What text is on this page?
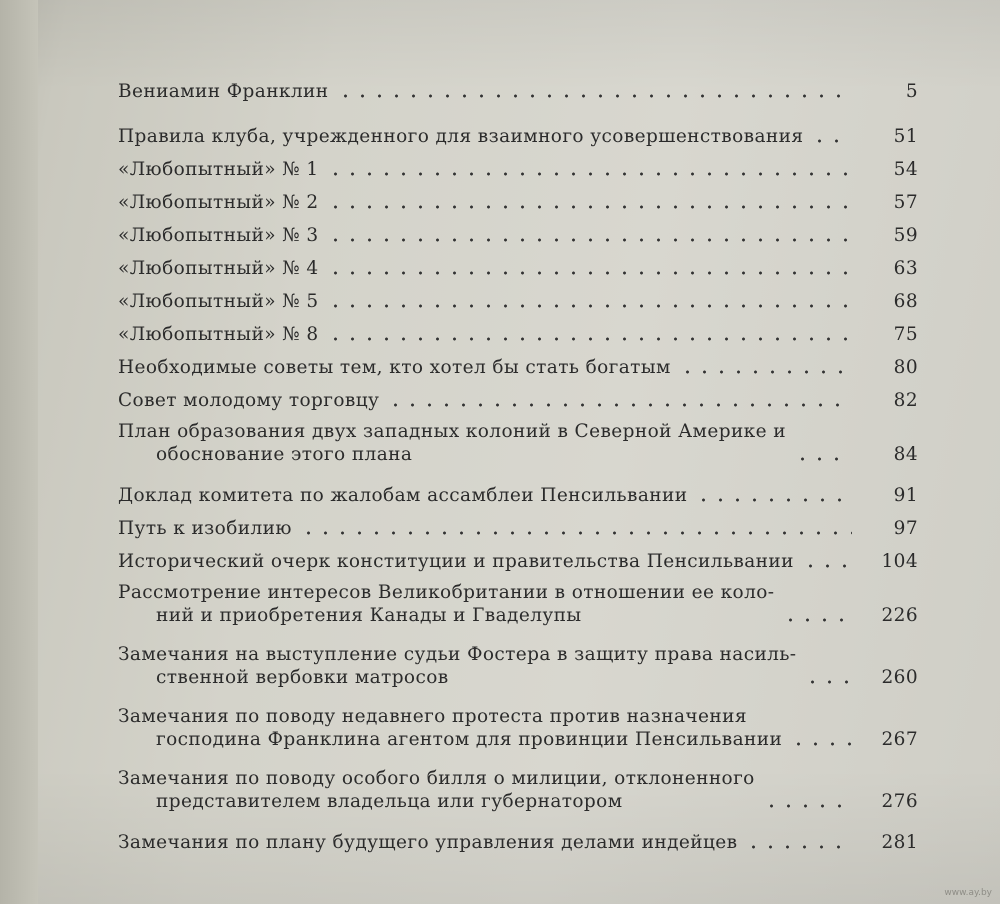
Вениамин Франклин	5
Правила клуба, учрежденного для взаимного усовершенствования	51
«Любопытный» № 1	54
«Любопытный» № 2	57
«Любопытный» № 3	59
«Любопытный» № 4	63
«Любопытный» № 5	68
«Любопытный» № 8	75
Необходимые советы тем, кто хотел бы стать богатым	80
Совет молодому торговцу	82
План образования двух западных колоний в Северной Америке и
обоснование этого плана	84
Доклад комитета по жалобам ассамблеи Пенсильвании	91
Путь к изобилию	97
Исторический очерк конституции и правительства Пенсильвании	104
Рассмотрение интересов Великобритании в отношении ее коло-
ний и приобретения Канады и Гваделупы	226
Замечания на выступление судьи Фостера в защиту права насиль-
ственной вербовки матросов	260
Замечания по поводу недавнего протеста против назначения
господина Франклина агентом для провинции Пенсильвании	267
Замечания по поводу особого билля о милиции, отклоненного
представителем владельца или губернатором	276
Замечания по плану будущего управления делами индейцев	281
www.ay.by
